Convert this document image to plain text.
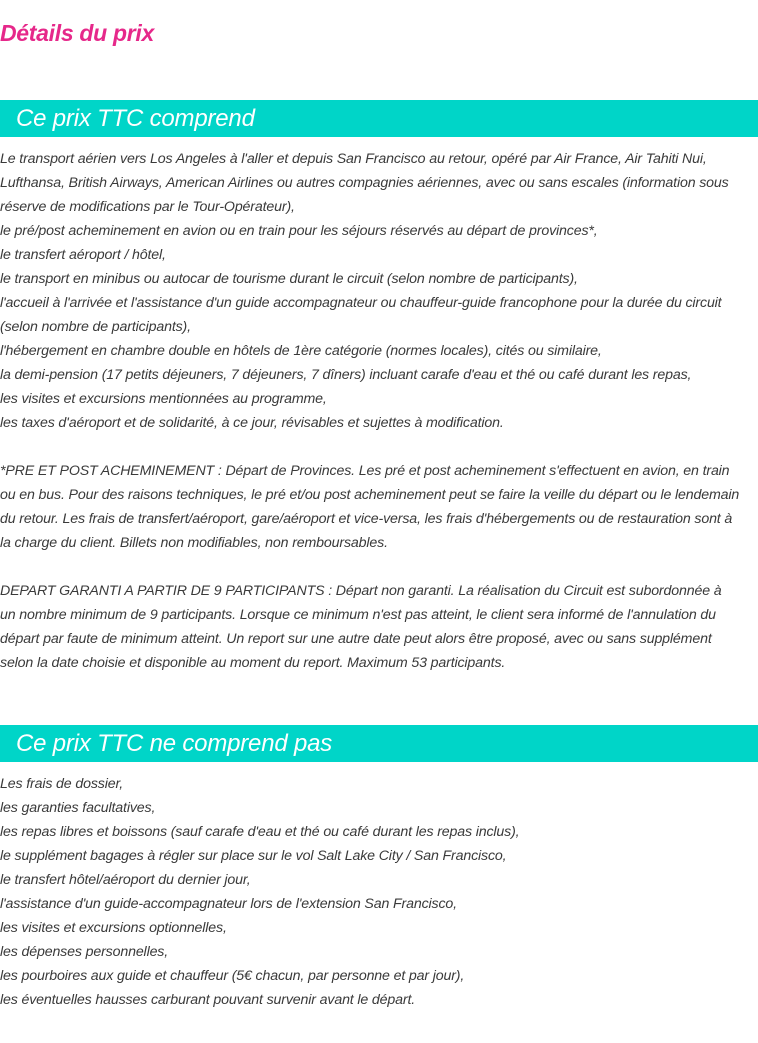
Détails du prix
Ce prix TTC comprend
Le transport aérien vers Los Angeles à l'aller et depuis San Francisco au retour, opéré par Air France, Air Tahiti Nui,
Lufthansa, British Airways, American Airlines ou autres compagnies aériennes, avec ou sans escales (information sous
réserve de modifications par le Tour-Opérateur),
le pré/post acheminement en avion ou en train pour les séjours réservés au départ de provinces*,
le transfert aéroport / hôtel,
le transport en minibus ou autocar de tourisme durant le circuit (selon nombre de participants),
l'accueil à l'arrivée et l'assistance d'un guide accompagnateur ou chauffeur-guide francophone pour la durée du circuit
(selon nombre de participants),
l'hébergement en chambre double en hôtels de 1ère catégorie (normes locales), cités ou similaire,
la demi-pension (17 petits déjeuners, 7 déjeuners, 7 dîners) incluant carafe d'eau et thé ou café durant les repas,
les visites et excursions mentionnées au programme,
les taxes d'aéroport et de solidarité, à ce jour, révisables et sujettes à modification.
*PRE ET POST ACHEMINEMENT : Départ de Provinces. Les pré et post acheminement s'effectuent en avion, en train
ou en bus. Pour des raisons techniques, le pré et/ou post acheminement peut se faire la veille du départ ou le lendemain
du retour. Les frais de transfert/aéroport, gare/aéroport et vice-versa, les frais d'hébergements ou de restauration sont à
la charge du client. Billets non modifiables, non remboursables.
DEPART GARANTI A PARTIR DE 9 PARTICIPANTS : Départ non garanti. La réalisation du Circuit est subordonnée à
un nombre minimum de 9 participants. Lorsque ce minimum n'est pas atteint, le client sera informé de l'annulation du
départ par faute de minimum atteint. Un report sur une autre date peut alors être proposé, avec ou sans supplément
selon la date choisie et disponible au moment du report. Maximum 53 participants.
Ce prix TTC ne comprend pas
Les frais de dossier,
les garanties facultatives,
les repas libres et boissons (sauf carafe d'eau et thé ou café durant les repas inclus),
le supplément bagages à régler sur place sur le vol Salt Lake City / San Francisco,
le transfert hôtel/aéroport du dernier jour,
l'assistance d'un guide-accompagnateur lors de l'extension San Francisco,
les visites et excursions optionnelles,
les dépenses personnelles,
les pourboires aux guide et chauffeur (5€ chacun, par personne et par jour),
les éventuelles hausses carburant pouvant survenir avant le départ.
